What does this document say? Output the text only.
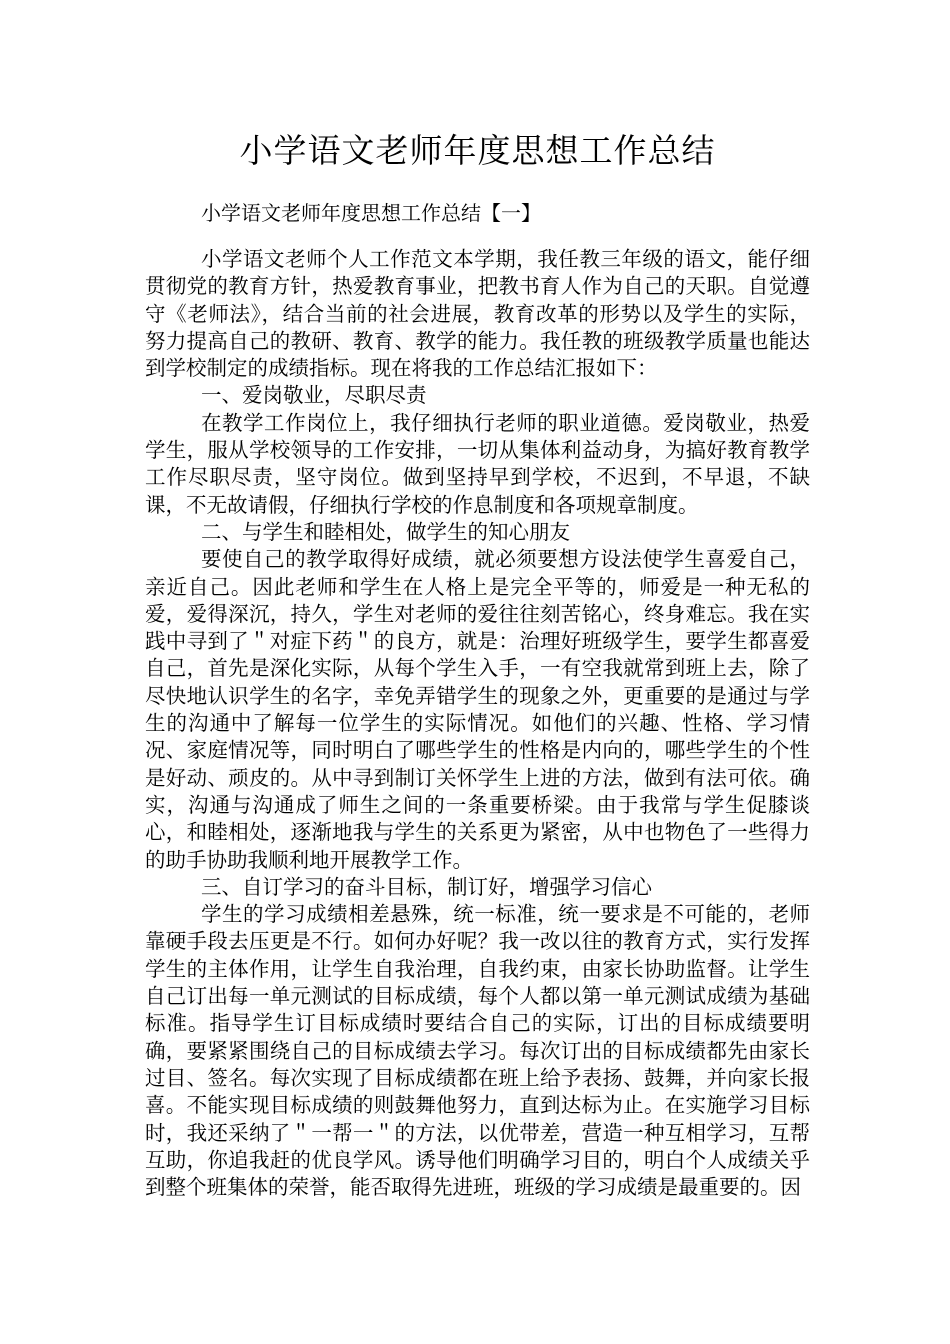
小学语文老师年度思想工作总结

小学语文老师年度思想工作总结【一】

小学语文老师个人工作范文本学期，我任教三年级的语文，能仔细贯彻党的教育方针，热爱教育事业，把教书育人作为自己的天职。自觉遵守《老师法》，结合当前的社会进展，教育改革的形势以及学生的实际，努力提高自己的教研、教育、教学的能力。我任教的班级教学质量也能达到学校制定的成绩指标。现在将我的工作总结汇报如下：

一、爱岗敬业，尽职尽责

在教学工作岗位上，我仔细执行老师的职业道德。爱岗敬业，热爱学生，服从学校领导的工作安排，一切从集体利益动身，为搞好教育教学工作尽职尽责，坚守岗位。做到坚持早到学校，不迟到，不早退，不缺课，不无故请假，仔细执行学校的作息制度和各项规章制度。

二、与学生和睦相处，做学生的知心朋友

要使自己的教学取得好成绩，就必须要想方设法使学生喜爱自己，亲近自己。因此老师和学生在人格上是完全平等的，师爱是一种无私的爱，爱得深沉，持久，学生对老师的爱往往刻苦铭心，终身难忘。我在实践中寻到了＂对症下药＂的良方，就是：治理好班级学生，要学生都喜爱自己，首先是深化实际，从每个学生入手，一有空我就常到班上去，除了尽快地认识学生的名字，幸免弄错学生的现象之外，更重要的是通过与学生的沟通中了解每一位学生的实际情况。如他们的兴趣、性格、学习情况、家庭情况等，同时明白了哪些学生的性格是内向的，哪些学生的个性是好动、顽皮的。从中寻到制订关怀学生上进的方法，做到有法可依。确实，沟通与沟通成了师生之间的一条重要桥梁。由于我常与学生促膝谈心，和睦相处，逐渐地我与学生的关系更为紧密，从中也物色了一些得力的助手协助我顺利地开展教学工作。

三、自订学习的奋斗目标，制订好，增强学习信心

学生的学习成绩相差悬殊，统一标准，统一要求是不可能的，老师靠硬手段去压更是不行。如何办好呢？我一改以往的教育方式，实行发挥学生的主体作用，让学生自我治理，自我约束，由家长协助监督。让学生自己订出每一单元测试的目标成绩，每个人都以第一单元测试成绩为基础标准。指导学生订目标成绩时要结合自己的实际，订出的目标成绩要明确，要紧紧围绕自己的目标成绩去学习。每次订出的目标成绩都先由家长过目、签名。每次实现了目标成绩都在班上给予表扬、鼓舞，并向家长报喜。不能实现目标成绩的则鼓舞他努力，直到达标为止。在实施学习目标时，我还采纳了＂一帮一＂的方法，以优带差，营造一种互相学习，互帮互助，你追我赶的优良学风。诱导他们明确学习目的，明白个人成绩关乎到整个班集体的荣誉，能否取得先进班，班级的学习成绩是最重要的。因
